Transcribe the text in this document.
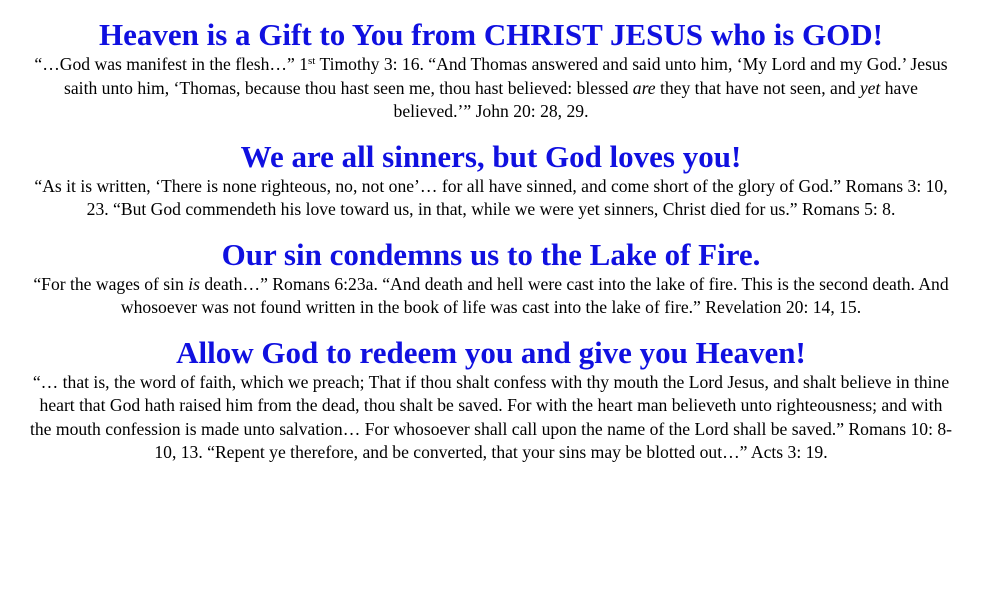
Heaven is a Gift to You from CHRIST JESUS who is GOD!

“…God was manifest in the flesh…” 1st Timothy 3: 16. “And Thomas answered and said unto him, ‘My Lord and my God.’ Jesus saith unto him, ‘Thomas, because thou hast seen me, thou hast believed: blessed are they that have not seen, and yet have believed.’” John 20: 28, 29.

We are all sinners, but God loves you!

“As it is written, ‘There is none righteous, no, not one’… for all have sinned, and come short of the glory of God.” Romans 3: 10, 23. “But God commendeth his love toward us, in that, while we were yet sinners, Christ died for us.” Romans 5: 8.

Our sin condemns us to the Lake of Fire.

“For the wages of sin is death…” Romans 6:23a. “And death and hell were cast into the lake of fire. This is the second death. And whosoever was not found written in the book of life was cast into the lake of fire.” Revelation 20: 14, 15.

Allow God to redeem you and give you Heaven!

“… that is, the word of faith, which we preach; That if thou shalt confess with thy mouth the Lord Jesus, and shalt believe in thine heart that God hath raised him from the dead, thou shalt be saved. For with the heart man believeth unto righteousness; and with the mouth confession is made unto salvation… For whosoever shall call upon the name of the Lord shall be saved.” Romans 10: 8-10, 13. “Repent ye therefore, and be converted, that your sins may be blotted out…” Acts 3: 19.
